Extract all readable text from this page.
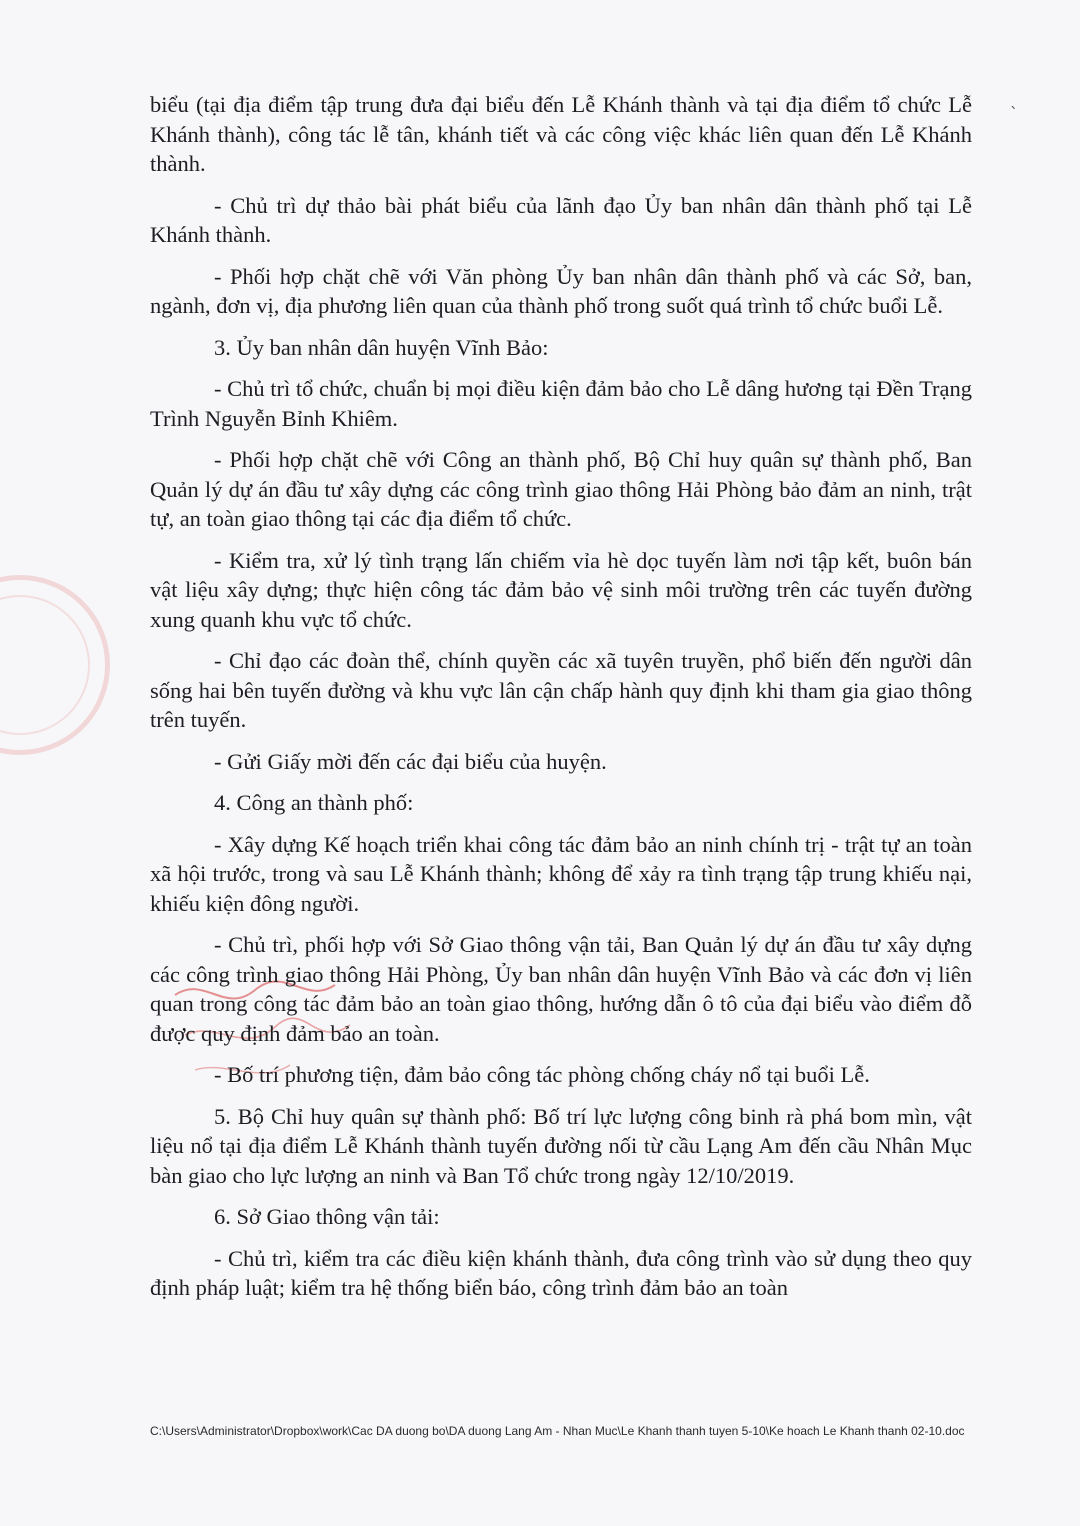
ˋ

biểu (tại địa điểm tập trung đưa đại biểu đến Lễ Khánh thành và tại địa điểm tổ chức Lễ Khánh thành), công tác lễ tân, khánh tiết và các công việc khác liên quan đến Lễ Khánh thành.

- Chủ trì dự thảo bài phát biểu của lãnh đạo Ủy ban nhân dân thành phố tại Lễ Khánh thành.

- Phối hợp chặt chẽ với Văn phòng Ủy ban nhân dân thành phố và các Sở, ban, ngành, đơn vị, địa phương liên quan của thành phố trong suốt quá trình tổ chức buổi Lễ.

3. Ủy ban nhân dân huyện Vĩnh Bảo:

- Chủ trì tổ chức, chuẩn bị mọi điều kiện đảm bảo cho Lễ dâng hương tại Đền Trạng Trình Nguyễn Bỉnh Khiêm.

- Phối hợp chặt chẽ với Công an thành phố, Bộ Chỉ huy quân sự thành phố, Ban Quản lý dự án đầu tư xây dựng các công trình giao thông Hải Phòng bảo đảm an ninh, trật tự, an toàn giao thông tại các địa điểm tổ chức.

- Kiểm tra, xử lý tình trạng lấn chiếm vỉa hè dọc tuyến làm nơi tập kết, buôn bán vật liệu xây dựng; thực hiện công tác đảm bảo vệ sinh môi trường trên các tuyến đường xung quanh khu vực tổ chức.

- Chỉ đạo các đoàn thể, chính quyền các xã tuyên truyền, phổ biến đến người dân sống hai bên tuyến đường và khu vực lân cận chấp hành quy định khi tham gia giao thông trên tuyến.

- Gửi Giấy mời đến các đại biểu của huyện.

4. Công an thành phố:

- Xây dựng Kế hoạch triển khai công tác đảm bảo an ninh chính trị - trật tự an toàn xã hội trước, trong và sau Lễ Khánh thành; không để xảy ra tình trạng tập trung khiếu nại, khiếu kiện đông người.

- Chủ trì, phối hợp với Sở Giao thông vận tải, Ban Quản lý dự án đầu tư xây dựng các công trình giao thông Hải Phòng, Ủy ban nhân dân huyện Vĩnh Bảo và các đơn vị liên quan trong công tác đảm bảo an toàn giao thông, hướng dẫn ô tô của đại biểu vào điểm đỗ được quy định đảm bảo an toàn.

- Bố trí phương tiện, đảm bảo công tác phòng chống cháy nổ tại buổi Lễ.

5. Bộ Chỉ huy quân sự thành phố: Bố trí lực lượng công binh rà phá bom mìn, vật liệu nổ tại địa điểm Lễ Khánh thành tuyến đường nối từ cầu Lạng Am đến cầu Nhân Mục bàn giao cho lực lượng an ninh và Ban Tổ chức trong ngày 12/10/2019.

6. Sở Giao thông vận tải:

- Chủ trì, kiểm tra các điều kiện khánh thành, đưa công trình vào sử dụng theo quy định pháp luật; kiểm tra hệ thống biển báo, công trình đảm bảo an toàn

C:\Users\Administrator\Dropbox\work\Cac DA duong bo\DA duong Lang Am - Nhan Muc\Le Khanh thanh tuyen 5-10\Ke hoach Le Khanh thanh 02-10.doc
